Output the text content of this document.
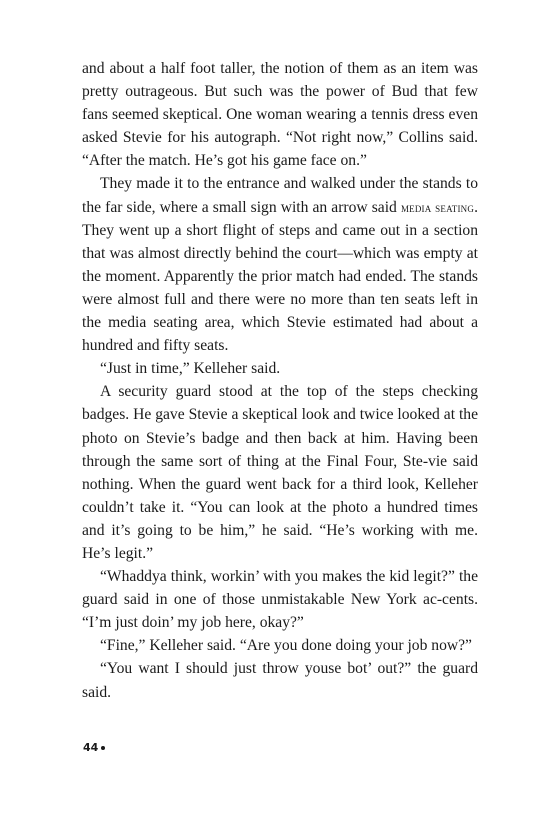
and about a half foot taller, the notion of them as an item was pretty outrageous. But such was the power of Bud that few fans seemed skeptical. One woman wearing a tennis dress even asked Stevie for his autograph. “Not right now,” Collins said. “After the match. He’s got his game face on.”

They made it to the entrance and walked under the stands to the far side, where a small sign with an arrow said media seating. They went up a short flight of steps and came out in a section that was almost directly behind the court—which was empty at the moment. Apparently the prior match had ended. The stands were almost full and there were no more than ten seats left in the media seating area, which Stevie estimated had about a hundred and fifty seats.

“Just in time,” Kelleher said.

A security guard stood at the top of the steps checking badges. He gave Stevie a skeptical look and twice looked at the photo on Stevie’s badge and then back at him. Having been through the same sort of thing at the Final Four, Ste-vie said nothing. When the guard went back for a third look, Kelleher couldn’t take it. “You can look at the photo a hundred times and it’s going to be him,” he said. “He’s working with me. He’s legit.”

“Whaddya think, workin’ with you makes the kid legit?” the guard said in one of those unmistakable New York ac-cents. “I’m just doin’ my job here, okay?”

“Fine,” Kelleher said. “Are you done doing your job now?”

“You want I should just throw youse bot’ out?” the guard said.

44
